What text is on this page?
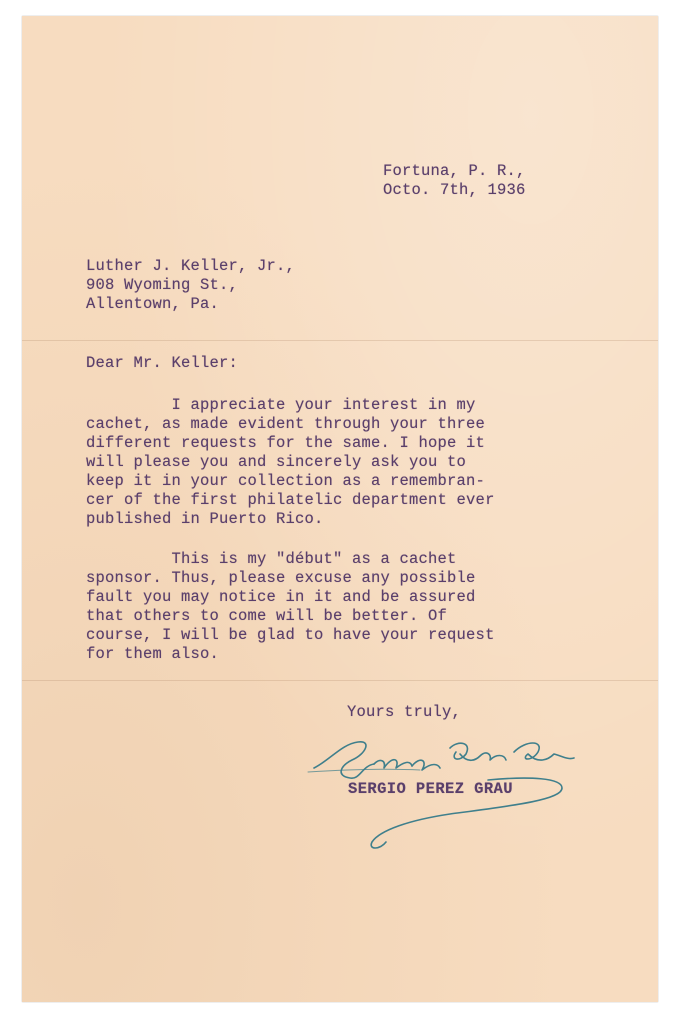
Fortuna, P. R.,
Octo. 7th, 1936
Luther J. Keller, Jr.,
908 Wyoming St.,
Allentown, Pa.
Dear Mr. Keller:
I appreciate your interest in my
cachet, as made evident through your three
different requests for the same. I hope it
will please you and sincerely ask you to
keep it in your collection as a remembran-
cer of the first philatelic department ever
published in Puerto Rico.
This is my "début" as a cachet
sponsor. Thus, please excuse any possible
fault you may notice in it and be assured
that others to come will be better. Of
course, I will be glad to have your request
for them also.
Yours truly,
SERGIO PEREZ GRAU
